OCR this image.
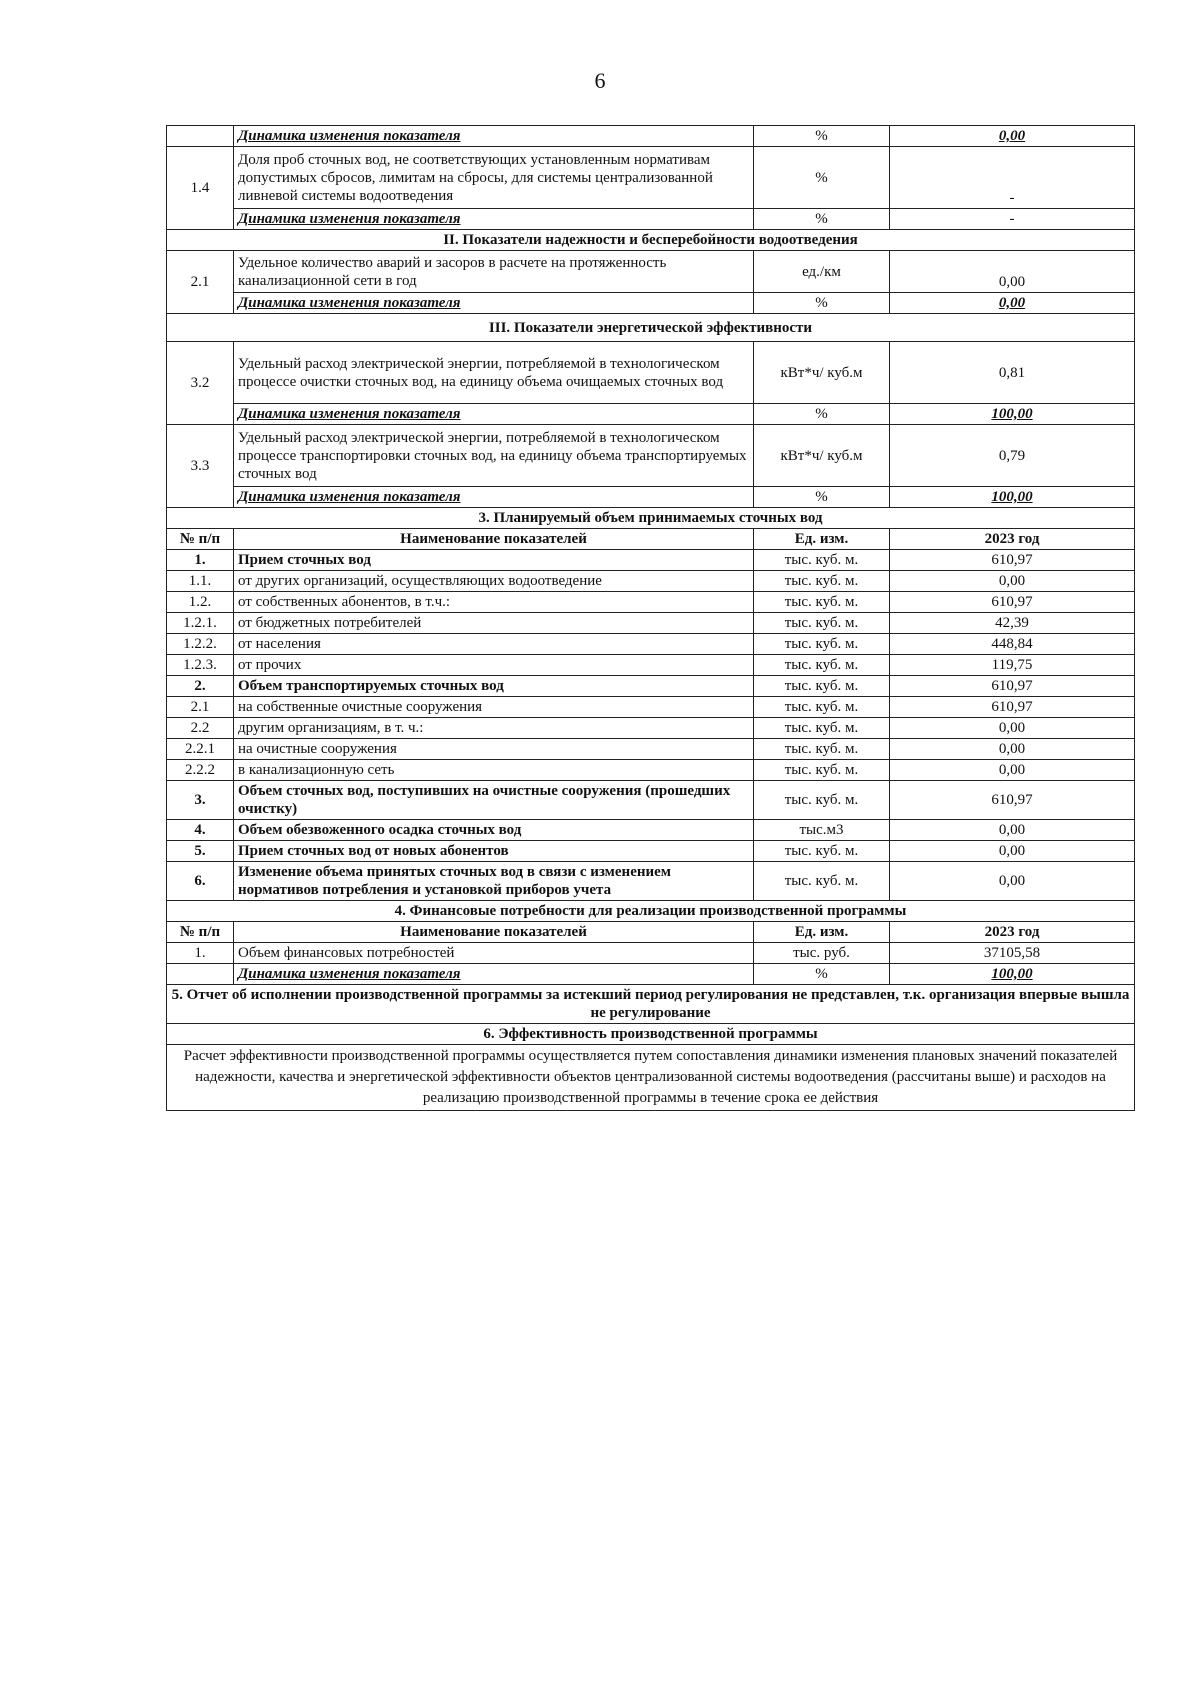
6
	Динамика изменения показателя	%	0,00
1.4	Доля проб сточных вод, не соответствующих установленным нормативам допустимых сбросов, лимитам на сбросы, для системы централизованной ливневой системы водоотведения	%	-
	Динамика изменения показателя	%	-
II. Показатели надежности и бесперебойности водоотведения			
2.1	Удельное количество аварий и засоров в расчете на протяженность канализационной сети в год	ед./км	0,00
	Динамика изменения показателя	%	0,00
III. Показатели энергетической эффективности			
3.2	Удельный расход электрической энергии, потребляемой в технологическом процессе очистки сточных вод, на единицу объема очищаемых сточных вод	кВт*ч/ куб.м	0,81
	Динамика изменения показателя	%	100,00
3.3	Удельный расход электрической энергии, потребляемой в технологическом процессе транспортировки сточных вод, на единицу объема транспортируемых сточных вод	кВт*ч/ куб.м	0,79
	Динамика изменения показателя	%	100,00
3. Планируемый объем принимаемых сточных вод			
№ п/п	Наименование показателей	Ед. изм.	2023 год
1.	Прием сточных вод	тыс. куб. м.	610,97
1.1.	от других организаций, осуществляющих водоотведение	тыс. куб. м.	0,00
1.2.	от собственных абонентов, в т.ч.:	тыс. куб. м.	610,97
1.2.1.	от бюджетных потребителей	тыс. куб. м.	42,39
1.2.2.	от населения	тыс. куб. м.	448,84
1.2.3.	от прочих	тыс. куб. м.	119,75
2.	Объем транспортируемых сточных вод	тыс. куб. м.	610,97
2.1	на собственные очистные сооружения	тыс. куб. м.	610,97
2.2	другим организациям, в т. ч.:	тыс. куб. м.	0,00
2.2.1	на очистные сооружения	тыс. куб. м.	0,00
2.2.2	в канализационную сеть	тыс. куб. м.	0,00
3.	Объем сточных вод, поступивших на очистные сооружения (прошедших очистку)	тыс. куб. м.	610,97
4.	Объем обезвоженного осадка сточных вод	тыс.м3	0,00
5.	Прием сточных вод от новых абонентов	тыс. куб. м.	0,00
6.	Изменение объема принятых сточных вод в связи с изменением нормативов потребления и установкой приборов учета	тыс. куб. м.	0,00
4. Финансовые потребности для реализации производственной программы			
№ п/п	Наименование показателей	Ед. изм.	2023 год
1.	Объем финансовых потребностей	тыс. руб.	37105,58
	Динамика изменения показателя	%	100,00
5. Отчет об исполнении производственной программы за истекший период регулирования не представлен, т.к. организация впервые вышла не регулирование			
6. Эффективность производственной программы			
Расчет эффективности производственной программы осуществляется путем сопоставления динамики изменения плановых значений показателей надежности, качества и энергетической эффективности объектов централизованной системы водоотведения (рассчитаны выше) и расходов на реализацию производственной программы в течение срока ее действия			
